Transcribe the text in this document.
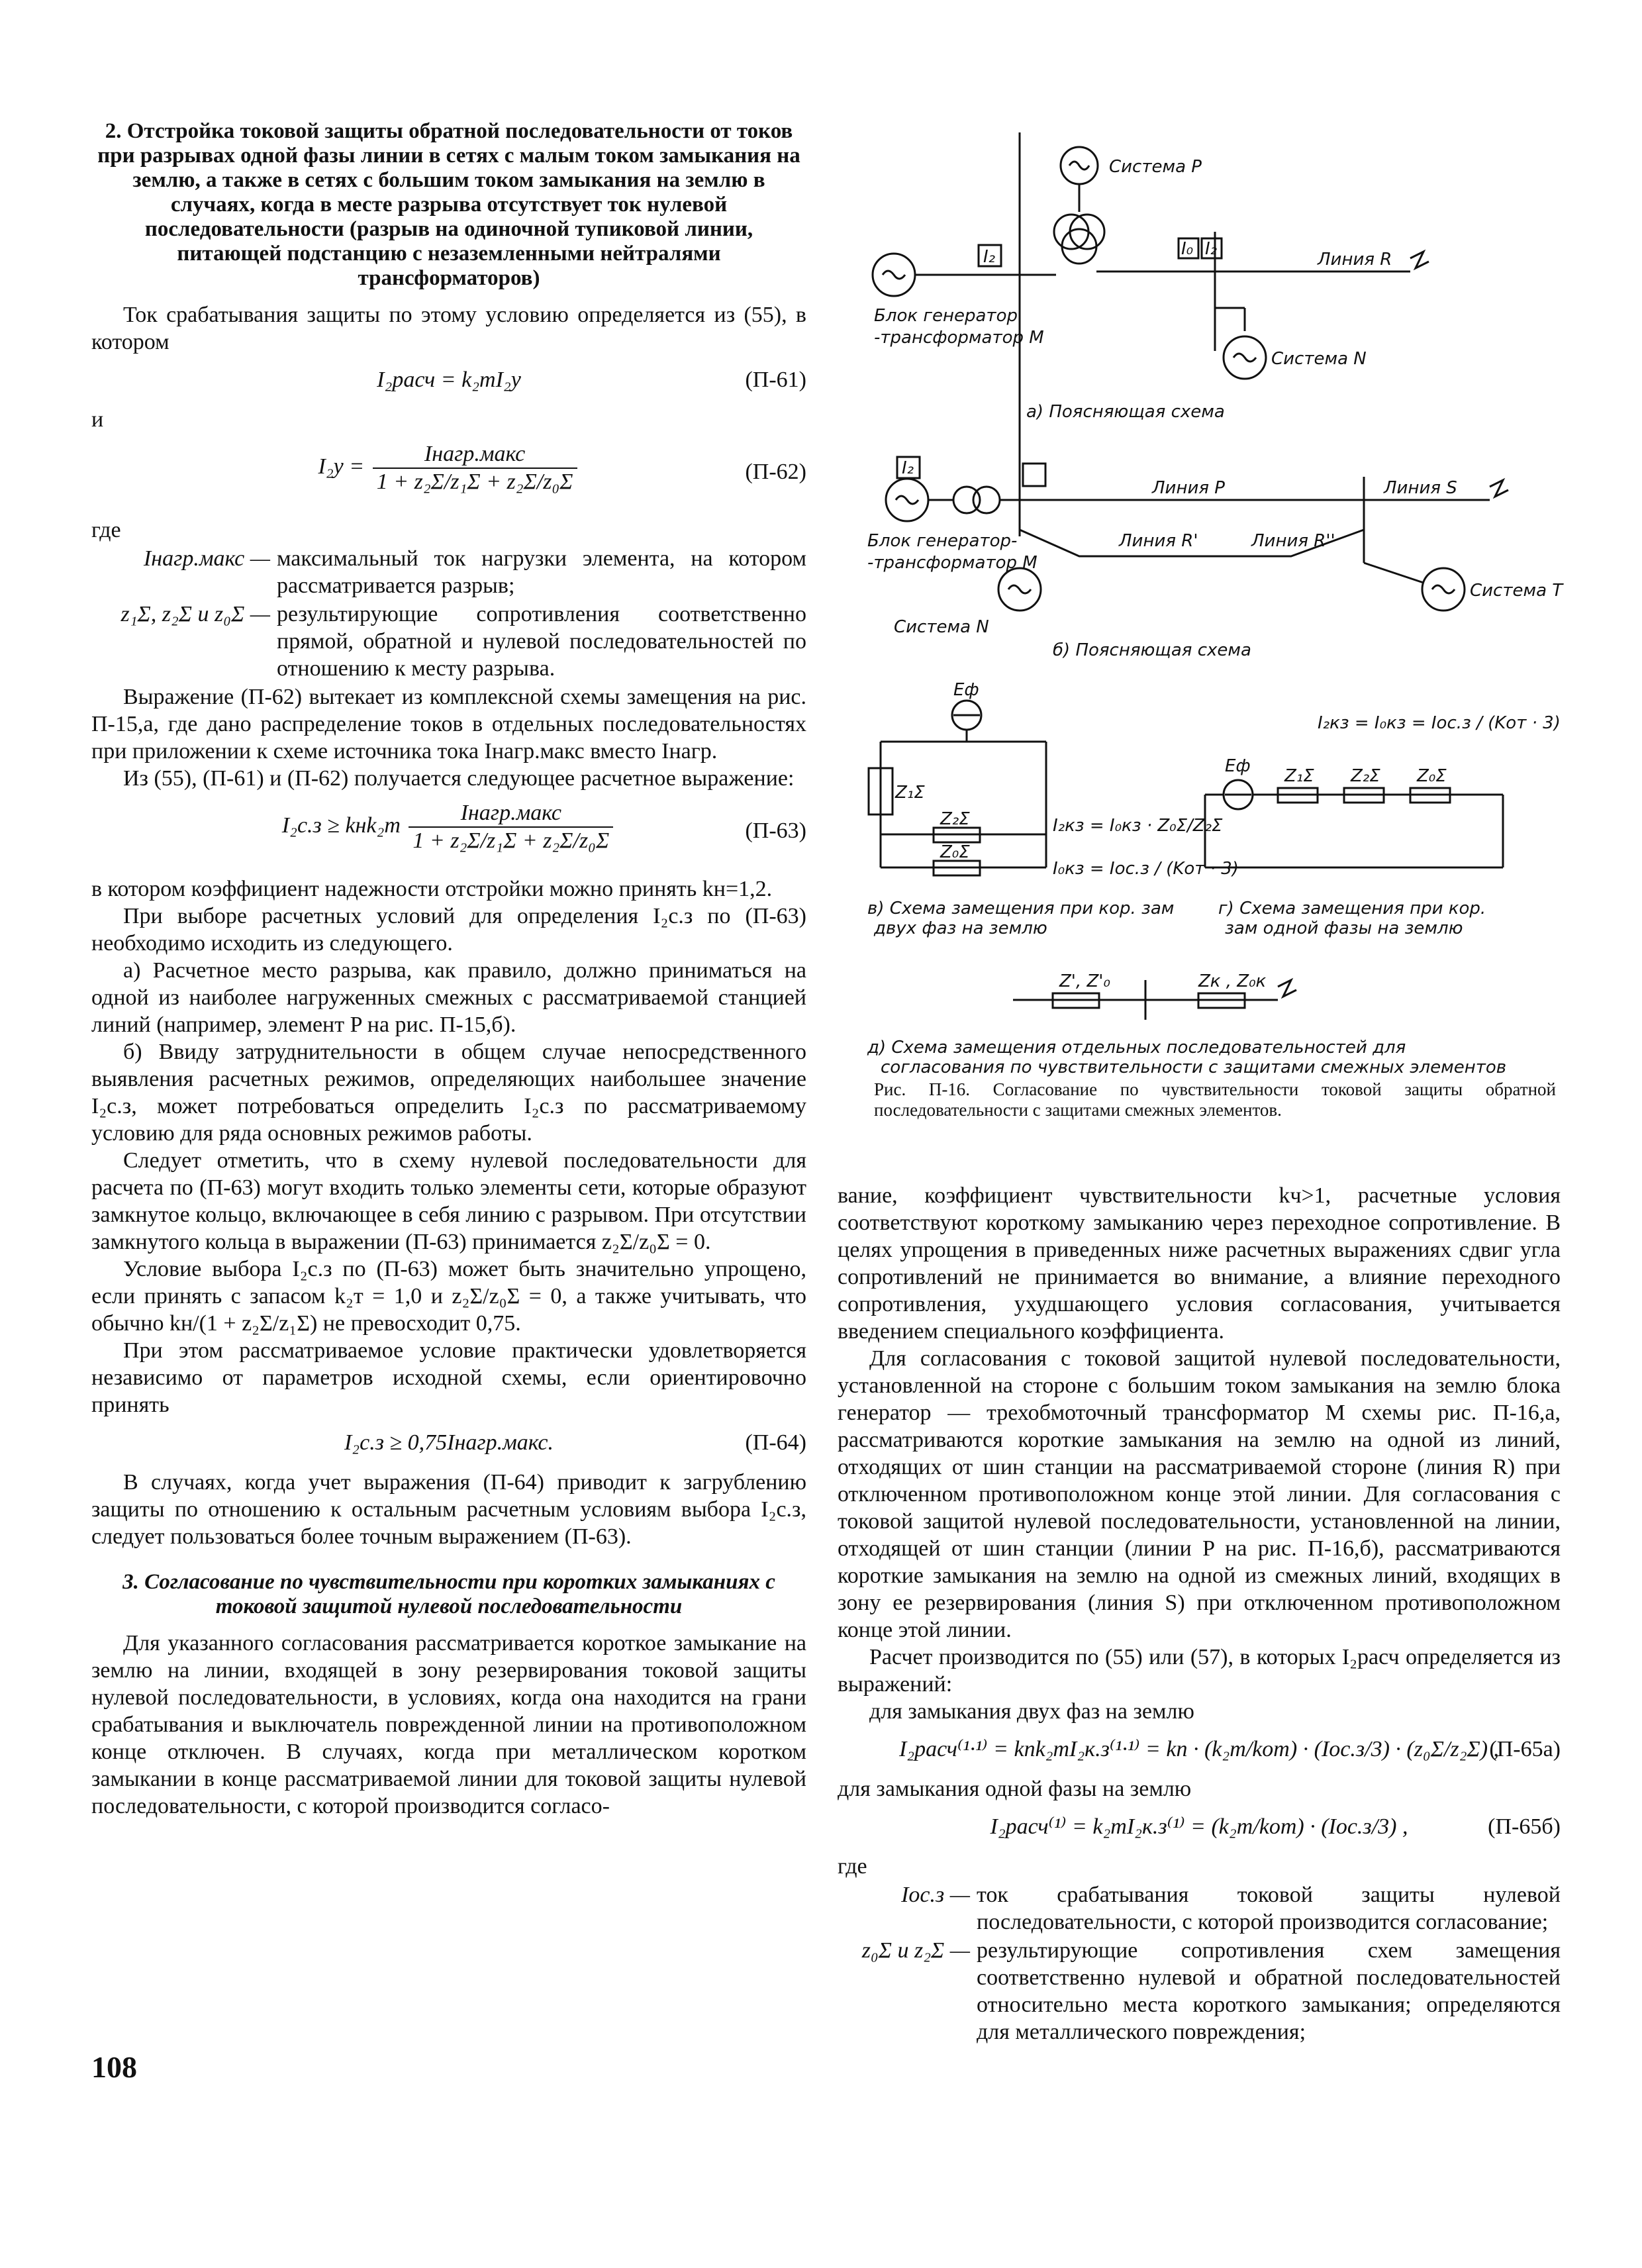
2. Отстройка токовой защиты обратной последовательности от токов при разрывах одной фазы линии в сетях с малым током замыкания на землю, а также в сетях с большим током замыкания на землю в случаях, когда в месте разрыва отсутствует ток нулевой последовательности (разрыв на одиночной тупиковой линии, питающей подстанцию с незаземленными нейтралями трансформаторов)

Ток срабатывания защиты по этому условию определяется из (55), в котором

I₂расч = k₂тI₂y	(П-61)

и

$I_2y = \frac{\text{Iнагр.макс}}{\text{1 + z₂Σ/z₁Σ + z₂Σ/z₀Σ}}$	(П-62)

где

Iнагр.макс — максимальный ток нагрузки элемента, на котором рассматривается разрыв;
z₁Σ, z₂Σ и z₀Σ — результирующие сопротивления соответственно прямой, обратной и нулевой последовательностей по отношению к месту разрыва.

Выражение (П-62) вытекает из комплексной схемы замещения на рис. П-15,а, где дано распределение токов в отдельных последовательностях при приложении к схеме источника тока Iнагр.макс вместо Iнагр.

Из (55), (П-61) и (П-62) получается следующее расчетное выражение:

$I_2с.з \ge kнk_2т \frac{\text{Iнагр.макс}}{\text{1 + z₂Σ/z₁Σ + z₂Σ/z₀Σ}}$	(П-63)

в котором коэффициент надежности отстройки можно принять kн=1,2.

При выборе расчетных условий для определения I₂с.з по (П-63) необходимо исходить из следующего.

а) Расчетное место разрыва, как правило, должно приниматься на одной из наиболее нагруженных смежных с рассматриваемой станцией линий (например, элемент P на рис. П-15,б).

б) Ввиду затруднительности в общем случае непосредственного выявления расчетных режимов, определяющих наибольшее значение I₂с.з, может потребоваться определить I₂с.з по рассматриваемому условию для ряда основных режимов работы.

Следует отметить, что в схему нулевой последовательности для расчета по (П-63) могут входить только элементы сети, которые образуют замкнутое кольцо, включающее в себя линию с разрывом. При отсутствии замкнутого кольца в выражении (П-63) принимается z₂Σ/z₀Σ = 0.

Условие выбора I₂с.з по (П-63) может быть значительно упрощено, если принять с запасом k₂т = 1,0 и z₂Σ/z₀Σ = 0, а также учитывать, что обычно kн/(1 + z₂Σ/z₁Σ) не превосходит 0,75.

При этом рассматриваемое условие практически удовлетворяется независимо от параметров исходной схемы, если ориентировочно принять

I₂с.з ≥ 0,75Iнагр.макс.	(П-64)

В случаях, когда учет выражения (П-64) приводит к загрублению защиты по отношению к остальным расчетным условиям выбора I₂с.з, следует пользоваться более точным выражением (П-63).

3. Согласование по чувствительности при коротких замыканиях с токовой защитой нулевой последовательности

Для указанного согласования рассматривается короткое замыкание на землю на линии, входящей в зону резервирования токовой защиты нулевой последовательности, в условиях, когда она находится на грани срабатывания и выключатель поврежденной линии на противоположном конце отключен. В случаях, когда при металлическом коротком замыкании в конце рассматриваемой линии для токовой защиты нулевой последовательности, с которой производится согласо-

Система P
I₂	I₀ I₂
Линия R
Блок генератор
-трансформатор M
Система N
а) Поясняющая схема
I₂
Линия P	Линия S
Блок генератор-
-трансформатор M
Линия R'	Линия R''
Система N
Система T
б) Поясняющая схема
Eф
Z₁Σ
Z₂Σ
Z₀Σ
I₂кз = I₀кз · Z₀Σ/Z₂Σ
I₀кз = Iос.з / (Kот · 3)
в) Схема замещения при кор. зам
двух фаз на землю
Eф Z₁Σ Z₂Σ Z₀Σ
I₂кз = I₀кз = Iос.з / (Kот · 3)
г) Схема замещения при кор.
зам одной фазы на землю
Z', Z'₀	Zк , Z₀к
д) Схема замещения отдельных последовательностей для
согласования по чувствительности с защитами смежных элементов
Рис. П-16. Согласование по чувствительности токовой защиты обратной последовательности с защитами смежных элементов.

вание, коэффициент чувствительности kч>1, расчетные условия соответствуют короткому замыканию через переходное сопротивление. В целях упрощения в приведенных ниже расчетных выражениях сдвиг угла сопротивлений не принимается во внимание, а влияние переходного сопротивления, ухудшающего условия согласования, учитывается введением специального коэффициента.

Для согласования с токовой защитой нулевой последовательности, установленной на стороне с большим током замыкания на землю блока генератор — трехобмоточный трансформатор М схемы рис. П-16,а, рассматриваются короткие замыкания на землю на одной из линий, отходящих от шин станции на рассматриваемой стороне (линия R) при отключенном противоположном конце этой линии. Для согласования с токовой защитой нулевой последовательности, установленной на линии, отходящей от шин станции (линии P на рис. П-16,б), рассматриваются короткие замыкания на землю на одной из смежных линий, входящих в зону ее резервирования (линия S) при отключенном противоположном конце этой линии.

Расчет производится по (55) или (57), в которых I₂расч определяется из выражений:

для замыкания двух фаз на землю

I₂расч⁽¹·¹⁾ = kпk₂тI₂к.з⁽¹·¹⁾ = kп · (k₂т/kот) · (Iос.з/3) · (z₀Σ/z₂Σ) ,
(П-65а)

для замыкания одной фазы на землю

I₂расч⁽¹⁾ = k₂тI₂к.з⁽¹⁾ = (k₂т/kот) · (Iос.з/3) ,	(П-65б)

где

Iос.з — ток срабатывания токовой защиты нулевой последовательности, с которой производится согласование;
z₀Σ и z₂Σ — результирующие сопротивления схем замещения соответственно нулевой и обратной последовательностей относительно места короткого замыкания; определяются для металлического повреждения;
108
